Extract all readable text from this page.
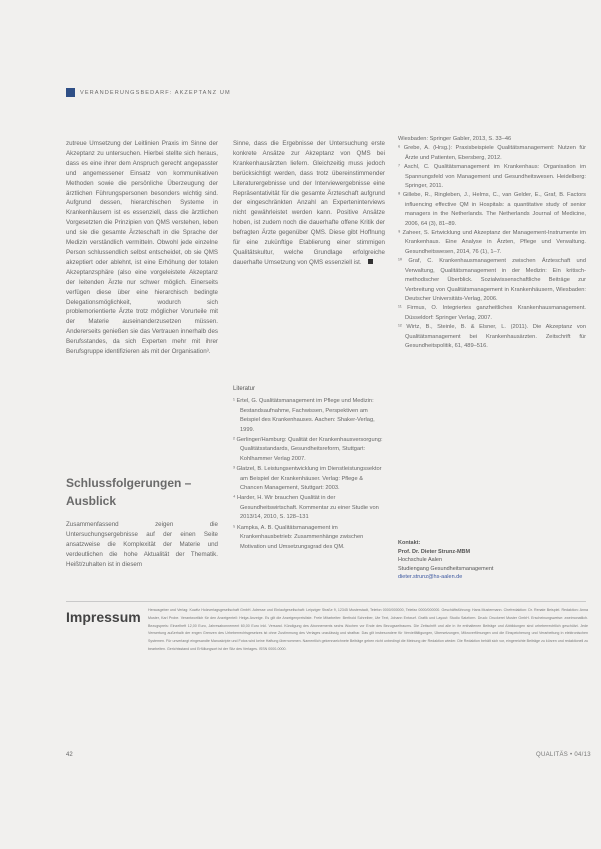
VERANDERUNGSBEDARF: AKZEPTANZ UM

zutreue Umsetzung der Leitlinien Praxis im Sinne der Akzeptanz zu untersuchen. Hierbei stellte sich heraus, dass es eine ihrer dem Anspruch gerecht angepasster und angemessener Einsatz von kommunikativen Methoden sowie die persönliche Überzeugung der ärztlichen Führungspersonen besonders wichtig sind. Aufgrund dessen, hierarchischen Systeme in Krankenhäusern ist es essenziell, dass die ärztlichen Vorgesetzten die Prinzipien von QMS verstehen, leben und sie die gesamte Ärzteschaft in die Sprache der Medizin verständlich vermitteln. Obwohl jede einzelne Person schlussendlich selbst entscheidet, ob sie QMS akzeptiert oder ablehnt, ist eine Erhöhung der totalen Akzeptanzsphäre (also eine vorgeleistete Akzeptanz der leitenden Ärzte nur schwer möglich. Einerseits verfügen diese über eine hierarchisch bedingte Delegationsmöglichkeit, wodurch sich problemorientierte Ärzte trotz möglicher Vorurteile mit der Materie auseinanderzusetzen müssen. Andererseits genießen sie das Vertrauen innerhalb des Berufsstandes, da sich Experten mehr mit ihrer Berufsgruppe identifizieren als mit der Organisation³.

Schlussfolgerungen – Ausblick

Zusammenfassend zeigen die Untersuchungsergebnisse auf der einen Seite ansatzweise die Komplexität der Materie und verdeutlichen die hohe Aktualität der Thematik. Heißt/zuhalten ist in diesem

Sinne, dass die Ergebnisse der Untersuchung erste konkrete Ansätze zur Akzeptanz von QMS bei Krankenhausärzten liefern. Gleichzeitig muss jedoch berücksichtigt werden, dass trotz übereinstimmender Literaturergebnisse und der Interviewergebnisse eine Repräsentativität für die gesamte Ärzteschaft aufgrund der eingeschränkten Anzahl an Experteninterviews nicht gewährleistet werden kann. Positive Ansätze hoben, ist zudem noch die dauerhafte offene Kritik der befragten Ärzte gegenüber QMS. Diese gibt Hoffnung für eine zukünftige Etablierung einer stimmigen Qualitätskultur, welche Grundlage erfolgreiche dauerhafte Umsetzung von QMS essenziell ist.

Literatur

¹ Ertel, G. Qualitätsmanagement im Pflege und Medizin: Bestandsaufnahme, Fachwissen, Perspektiven am Beispiel des Krankenhauses. Aachen: Shaker-Verlag, 1999.

² Gerlinger/Hamburg: Qualität der Krankenhausversorgung: Qualitätsstandards, Gesundheitsreform, Stuttgart: Kohlhammer Verlag 2007.

³ Glatzel, B. Leistungsentwicklung im Dienstleistungssektor am Beispiel der Krankenhäuser. Verlag: Pflege & Chancen Management, Stuttgart: 2003.

⁴ Harder, H. Wir brauchen Qualität in der Gesundheitswirtschaft. Kommentar zu einer Studie von 2013/14, 2010, S. 128–131

⁵ Kampka, A. B. Qualitätsmanagement im Krankenhausbetrieb: Zusammenhänge zwischen Motivation und Umsetzungsgrad des QM.

Wiesbaden: Springer Gabler, 2013, S. 33–46

⁶ Grebe, A. (Hrsg.): Praxisbeispiele Qualitätsmanagement: Nutzen für Ärzte und Patienten, Ebersberg, 2012.

⁷ Aschl, C. Qualitätsmanagement im Krankenhaus: Organisation im Spannungsfeld von Management und Gesundheitswesen. Heidelberg: Springer, 2011.

⁸ Gillebe, R., Ringleben, J., Helms, C., van Gelder, E., Graf, B. Factors influencing effective QM in Hospitals: a quantitative study of senior managers in the Netherlands. The Netherlands Journal of Medicine, 2006, 64 (3), 81–89.

⁹ Zaheer, S. Ertwicklung und Akzeptanz der Management-Instrumente im Krankenhaus. Eine Analyse in Ärzten, Pflege und Verwaltung. Gesundheitswesen, 2014, 76 (1), 1–7.

¹⁰ Graf, C. Krankenhausmanagement zwischen Ärzteschaft und Verwaltung, Qualitätsmanagement in der Medizin: Ein kritisch-methodischer Überblick. Sozialwissenschaftliche Beiträge zur Verbreitung von Qualitätsmanagement in Krankenhäusern, Wiesbaden: Deutscher Universitäts-Verlag, 2006.

¹¹ Firmus, O. Integriertes ganzheitliches Krankenhausmanagement. Düsseldorf: Springer Verlag, 2007.

¹² Wirtz, B., Steinle, B. & Elsner, L. (2011). Die Akzeptanz von Qualitätsmanagement bei Krankenhausärzten. Zeitschrift für Gesundheitspolitik, 61, 489–516.

Kontakt:
Prof. Dr. Dieter Strunz-MBM
Hochschule Aalen
Studiengang Gesundheitsmanagement
dieter.strunz@hs-aalen.de
Impressum Herausgeber und Verlag: Kuwitz Holzverlagsgesellschaft GmbH. Adresse und Einlaufgesellschaft: Leipziger Straße 9, 12345 Musterstadt, Telefon 0000/000000, Telefax 0000/000000. Geschäftsführung: Hans Mustermann. Chefredaktion: Dr. Renate Beispiel. Redaktion: Anna Muster, Karl Probe. Verantwortlich für den Anzeigenteil: Helga Anzeige. Es gilt die Anzeigenpreisliste. Freie Mitarbeiter: Berthold Schreiber, Ute Text, Johann Entwurf. Grafik und Layout: Studio Satzform. Druck: Druckerei Muster GmbH. Erscheinungsweise: zweimonatlich. Bezugspreis: Einzelheft 12,00 Euro, Jahresabonnement 60,00 Euro inkl. Versand. Kündigung des Abonnements sechs Wochen vor Ende des Bezugszeitraums. Die Zeitschrift und alle in ihr enthaltenen Beiträge und Abbildungen sind urheberrechtlich geschützt. Jede Verwertung außerhalb der engen Grenzen des Urheberrechtsgesetzes ist ohne Zustimmung des Verlages unzulässig und strafbar. Das gilt insbesondere für Vervielfältigungen, Übersetzungen, Mikroverfilmungen und die Einspeicherung und Verarbeitung in elektronischen Systemen. Für unverlangt eingesandte Manuskripte und Fotos wird keine Haftung übernommen. Namentlich gekennzeichnete Beiträge geben nicht unbedingt die Meinung der Redaktion wieder. Die Redaktion behält sich vor, eingereichte Beiträge zu kürzen und redaktionell zu bearbeiten. Gerichtsstand und Erfüllungsort ist der Sitz des Verlages. ISSN 0000-0000.
42	QUALITÄS • 04/13
